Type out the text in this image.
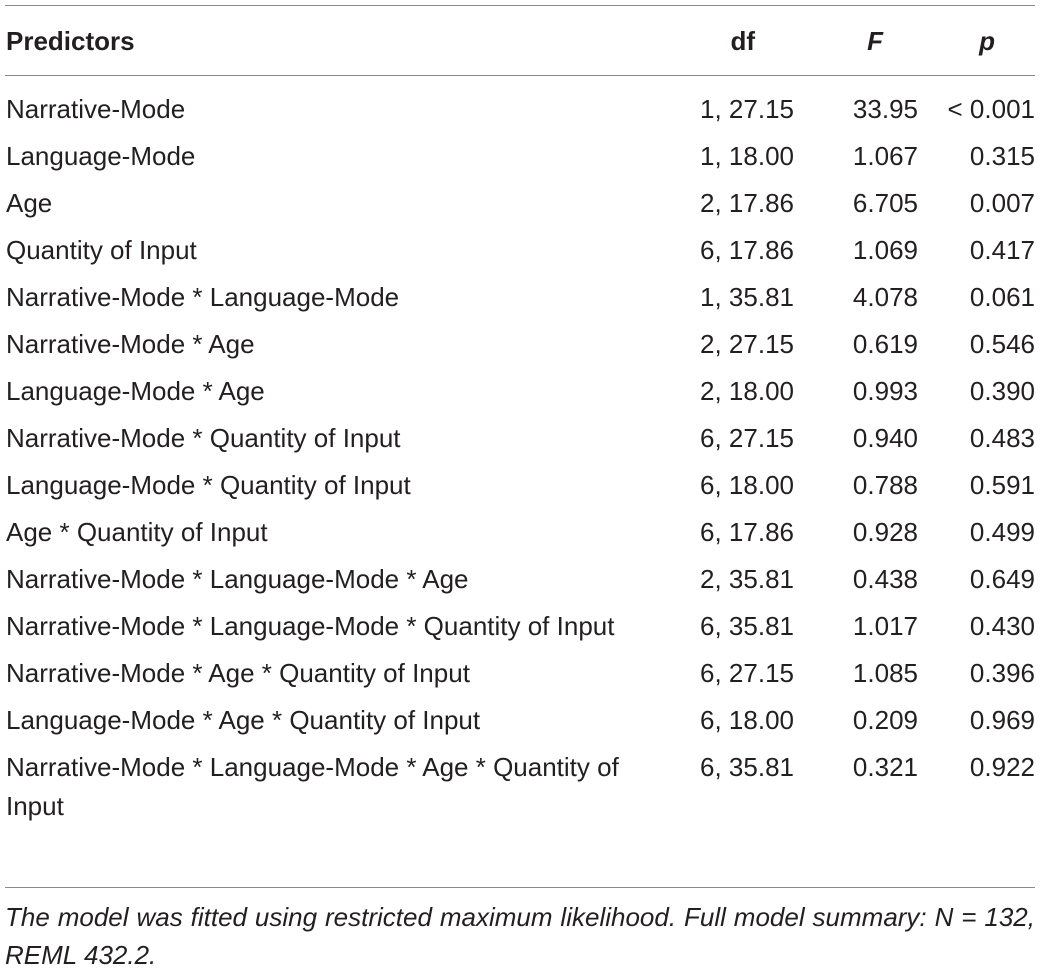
Predictors	df	F	p
Narrative-Mode	1, 27.15	33.95	< 0.001
Language-Mode	1, 18.00	1.067	0.315
Age	2, 17.86	6.705	0.007
Quantity of Input	6, 17.86	1.069	0.417
Narrative-Mode * Language-Mode	1, 35.81	4.078	0.061
Narrative-Mode * Age	2, 27.15	0.619	0.546
Language-Mode * Age	2, 18.00	0.993	0.390
Narrative-Mode * Quantity of Input	6, 27.15	0.940	0.483
Language-Mode * Quantity of Input	6, 18.00	0.788	0.591
Age * Quantity of Input	6, 17.86	0.928	0.499
Narrative-Mode * Language-Mode * Age	2, 35.81	0.438	0.649
Narrative-Mode * Language-Mode * Quantity of Input	6, 35.81	1.017	0.430
Narrative-Mode * Age * Quantity of Input	6, 27.15	1.085	0.396
Language-Mode * Age * Quantity of Input	6, 18.00	0.209	0.969
Narrative-Mode * Language-Mode * Age * Quantity of Input	6, 35.81	0.321	0.922
The model was fitted using restricted maximum likelihood. Full model summary: N = 132, REML 432.2.
